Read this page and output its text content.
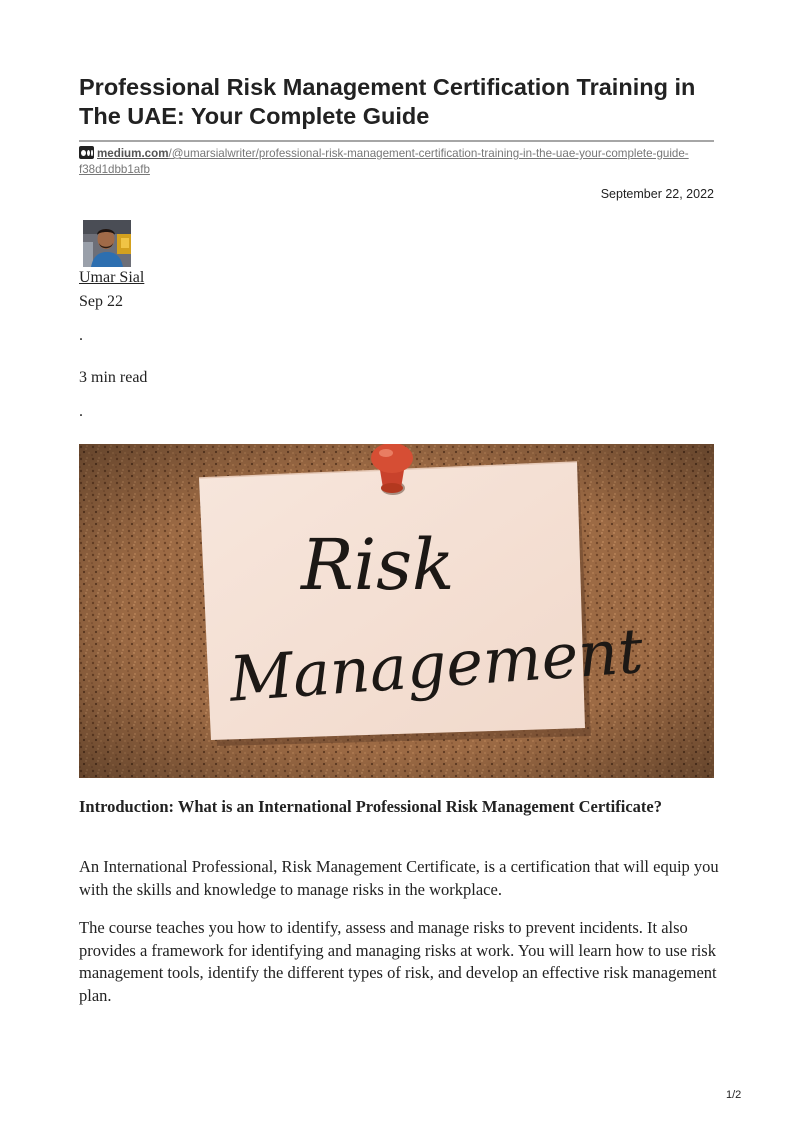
Professional Risk Management Certification Training in The UAE: Your Complete Guide
medium.com/@umarsialwriter/professional-risk-management-certification-training-in-the-uae-your-complete-guide-f38d1dbb1afb
September 22, 2022
Umar Sial
Sep 22
.
3 min read
.
Risk
Management
Introduction: What is an International Professional Risk Management Certificate?

An International Professional, Risk Management Certificate, is a certification that will equip you with the skills and knowledge to manage risks in the workplace.

The course teaches you how to identify, assess and manage risks to prevent incidents. It also provides a framework for identifying and managing risks at work. You will learn how to use risk management tools, identify the different types of risk, and develop an effective risk management plan.

1/2
